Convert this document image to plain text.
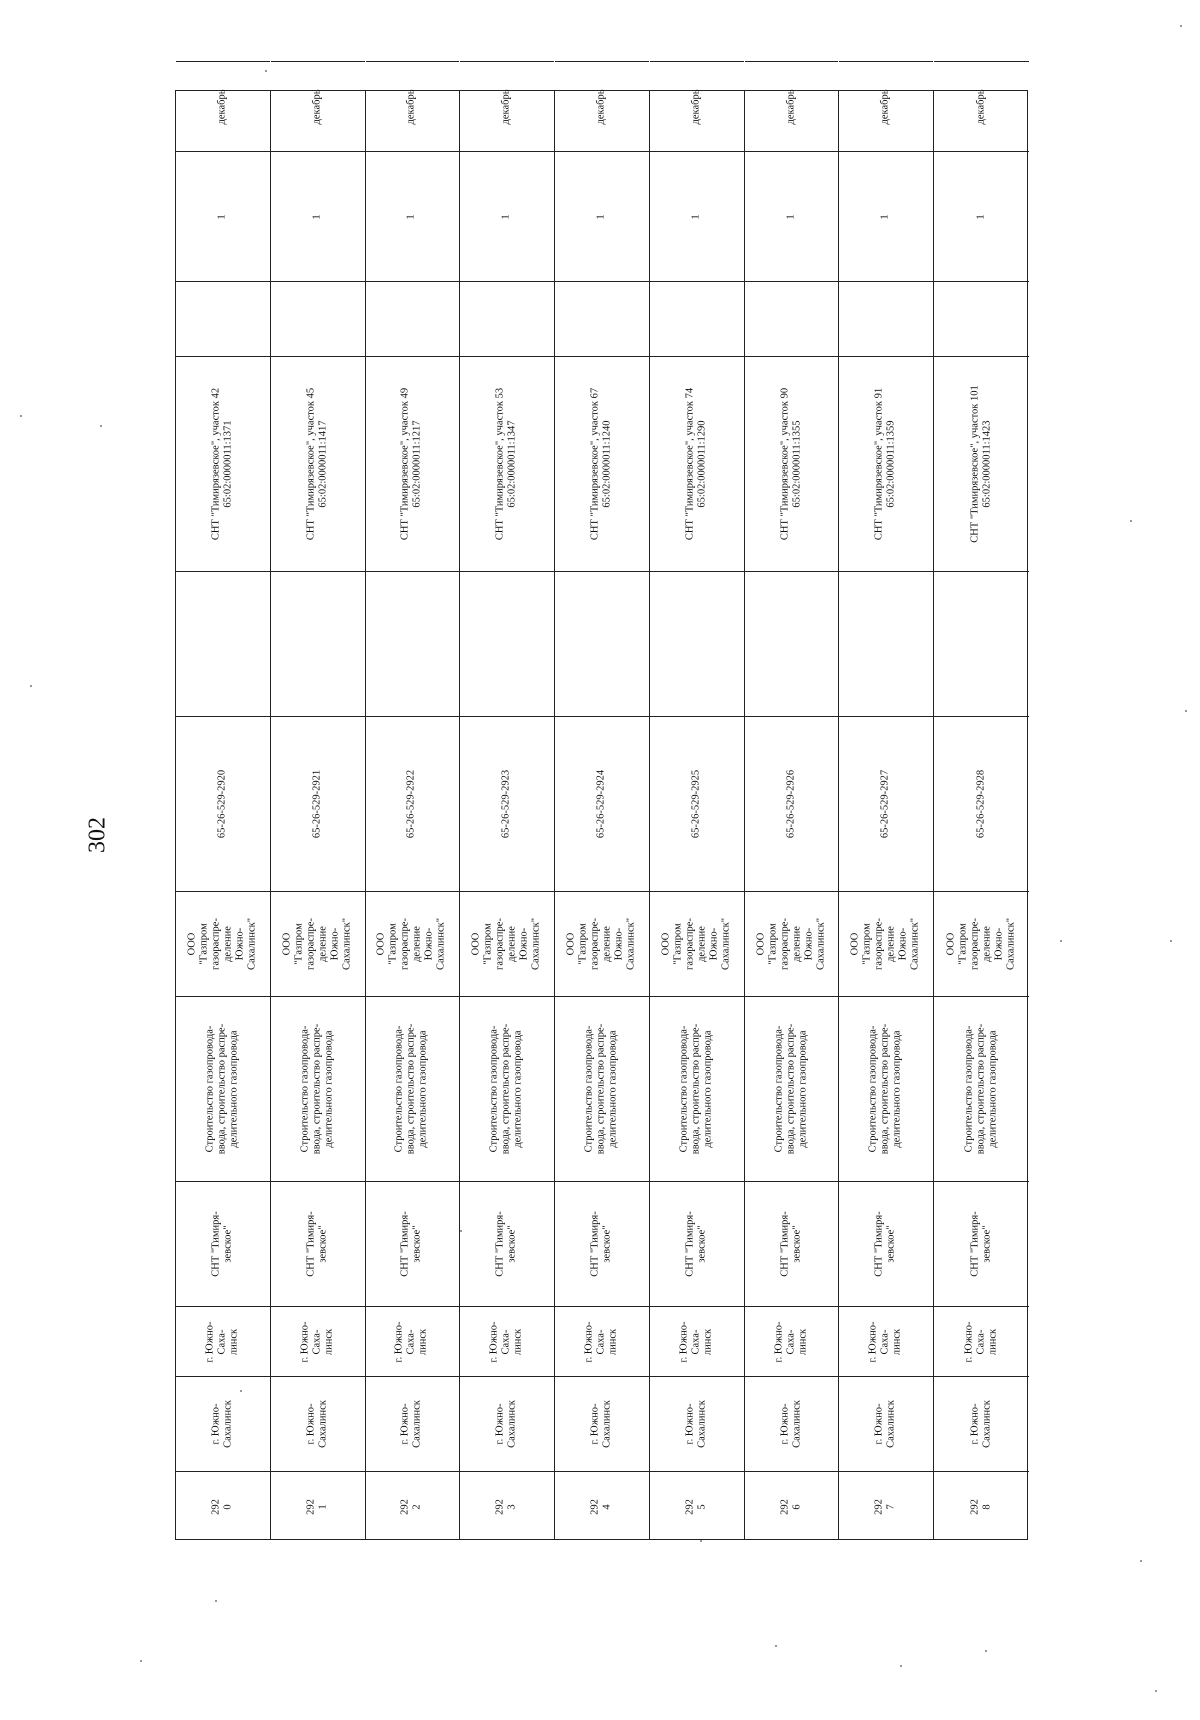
302
292
0
г. Южно-
Сахалинск
г. Южно-
Саха-
линск
СНТ "Тимиря-
зевское"
Строительство газопровода-
ввода, строительство распре-
делительного газопровода
ООО
"Газпром
газораспре-
деление
Южно-
Сахалинск"
65-26-529-2920
СНТ "Тимирязевское", участок 42
65:02:0000011:1371
1
декабрь
292
1
г. Южно-
Сахалинск
г. Южно-
Саха-
линск
СНТ "Тимиря-
зевское"
Строительство газопровода-
ввода, строительство распре-
делительного газопровода
ООО
"Газпром
газораспре-
деление
Южно-
Сахалинск"
65-26-529-2921
СНТ "Тимирязевское", участок 45
65:02:0000011:1417
1
декабрь
292
2
г. Южно-
Сахалинск
г. Южно-
Саха-
линск
СНТ "Тимиря-
зевское"
Строительство газопровода-
ввода, строительство распре-
делительного газопровода
ООО
"Газпром
газораспре-
деление
Южно-
Сахалинск"
65-26-529-2922
СНТ "Тимирязевское", участок 49
65:02:0000011:1217
1
декабрь
292
3
г. Южно-
Сахалинск
г. Южно-
Саха-
линск
СНТ "Тимиря-
зевское"
Строительство газопровода-
ввода, строительство распре-
делительного газопровода
ООО
"Газпром
газораспре-
деление
Южно-
Сахалинск"
65-26-529-2923
СНТ "Тимирязевское", участок 53
65:02:0000011:1347
1
декабрь
292
4
г. Южно-
Сахалинск
г. Южно-
Саха-
линск
СНТ "Тимиря-
зевское"
Строительство газопровода-
ввода, строительство распре-
делительного газопровода
ООО
"Газпром
газораспре-
деление
Южно-
Сахалинск"
65-26-529-2924
СНТ "Тимирязевское", участок 67
65:02:0000011:1240
1
декабрь
292
5
г. Южно-
Сахалинск
г. Южно-
Саха-
линск
СНТ "Тимиря-
зевское"
Строительство газопровода-
ввода, строительство распре-
делительного газопровода
ООО
"Газпром
газораспре-
деление
Южно-
Сахалинск"
65-26-529-2925
СНТ "Тимирязевское", участок 74
65:02:0000011:1290
1
декабрь
292
6
г. Южно-
Сахалинск
г. Южно-
Саха-
линск
СНТ "Тимиря-
зевское"
Строительство газопровода-
ввода, строительство распре-
делительного газопровода
ООО
"Газпром
газораспре-
деление
Южно-
Сахалинск"
65-26-529-2926
СНТ "Тимирязевское", участок 90
65:02:0000011:1355
1
декабрь
292
7
г. Южно-
Сахалинск
г. Южно-
Саха-
линск
СНТ "Тимиря-
зевское"
Строительство газопровода-
ввода, строительство распре-
делительного газопровода
ООО
"Газпром
газораспре-
деление
Южно-
Сахалинск"
65-26-529-2927
СНТ "Тимирязевское", участок 91
65:02:0000011:1359
1
декабрь
292
8
г. Южно-
Сахалинск
г. Южно-
Саха-
линск
СНТ "Тимиря-
зевское"
Строительство газопровода-
ввода, строительство распре-
делительного газопровода
ООО
"Газпром
газораспре-
деление
Южно-
Сахалинск"
65-26-529-2928
СНТ "Тимирязевское", участок 101
65:02:0000011:1423
1
декабрь
